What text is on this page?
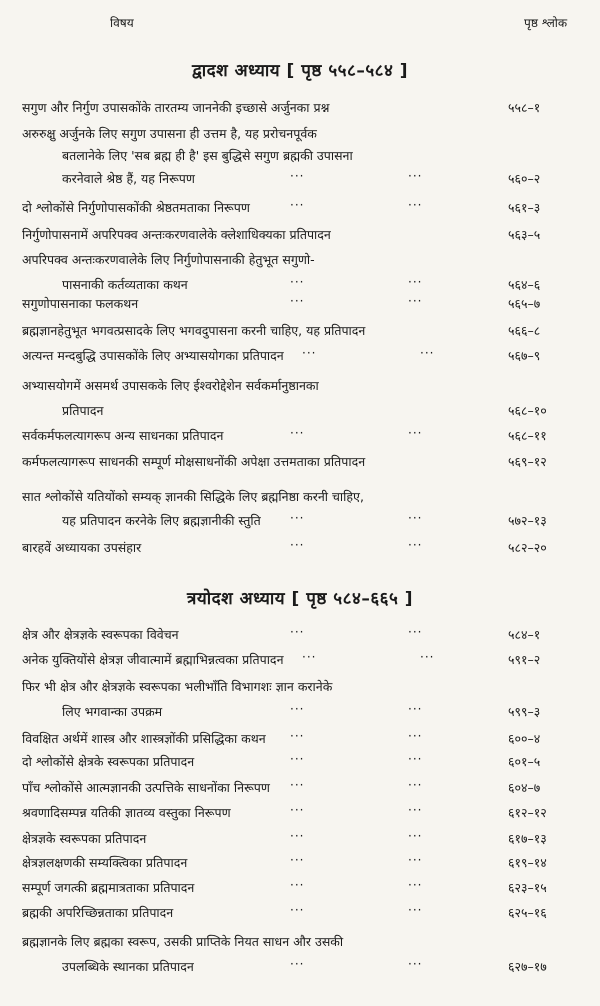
विषय	पृष्ठ श्लोक
द्वादश अध्याय [ पृष्ठ ५५८–५८४ ]
सगुण और निर्गुण उपासकोंके तारतम्य जाननेकी इच्छासे अर्जुनका प्रश्न	५५८–१
अरुरुक्षु अर्जुनके लिए सगुण उपासना ही उत्तम है, यह प्ररोचनपूर्वक
बतलानेके लिए 'सब ब्रह्म ही है' इस बुद्धिसे सगुण ब्रह्मकी उपासना
करनेवाले श्रेष्ठ हैं, यह निरूपण	···	···	५६०–२
दो श्लोकोंसे निर्गुणोपासकोंकी श्रेष्ठतमताका निरूपण	···	···	५६१–३
निर्गुणोपासनामें अपरिपक्व अन्तःकरणवालेके क्लेशाधिक्यका प्रतिपादन	५६३–५
अपरिपक्व अन्तःकरणवालेके लिए निर्गुणोपासनाकी हेतुभूत सगुणो-
पासनाकी कर्तव्यताका कथन	···	···	५६४–६
सगुणोपासनाका फलकथन	···	···	५६५–७
ब्रह्मज्ञानहेतुभूत भगवत्प्रसादके लिए भगवदुपासना करनी चाहिए, यह प्रतिपादन	५६६–८
अत्यन्त मन्दबुद्धि उपासकोंके लिए अभ्यासयोगका प्रतिपादन ···	···	५६७–९
अभ्यासयोगमें असमर्थ उपासकके लिए ईश्वरोद्देशेन सर्वकर्मानुष्ठानका
प्रतिपादन	५६८–१०
सर्वकर्मफलत्यागरूप अन्य साधनका प्रतिपादन	···	···	५६८–११
कर्मफलत्यागरूप साधनकी सम्पूर्ण मोक्षसाधनोंकी अपेक्षा उत्तमताका प्रतिपादन	५६९–१२
सात श्लोकोंसे यतियोंको सम्यक् ज्ञानकी सिद्धिके लिए ब्रह्मनिष्ठा करनी चाहिए,
यह प्रतिपादन करनेके लिए ब्रह्मज्ञानीकी स्तुति ···	···	५७२–१३
बारहवें अध्यायका उपसंहार	···	···	५८२–२०
त्रयोदश अध्याय [ पृष्ठ ५८४–६६५ ]
क्षेत्र और क्षेत्रज्ञके स्वरूपका विवेचन	···	···	५८४–१
अनेक युक्तियोंसे क्षेत्रज्ञ जीवात्मामें ब्रह्माभिन्नत्वका प्रतिपादन ···	···	५९१–२
फिर भी क्षेत्र और क्षेत्रज्ञके स्वरूपका भलीभाँति विभागशः ज्ञान करानेके
लिए भगवान्का उपक्रम	···	···	५९९–३
विवक्षित अर्थमें शास्त्र और शास्त्रज्ञोंकी प्रसिद्धिका कथन ···	···	६००–४
दो श्लोकोंसे क्षेत्रके स्वरूपका प्रतिपादन	···	···	६०१–५
पाँच श्लोकोंसे आत्मज्ञानकी उत्पत्तिके साधनोंका निरूपण ···	···	६०४–७
श्रवणादिसम्पन्न यतिकी ज्ञातव्य वस्तुका निरूपण	···	···	६१२–१२
क्षेत्रज्ञके स्वरूपका प्रतिपादन	···	···	६१७–१३
क्षेत्रज्ञलक्षणकी सम्यक्त्विका प्रतिपादन	···	···	६१९–१४
सम्पूर्ण जगत्की ब्रह्ममात्रताका प्रतिपादन	···	···	६२३–१५
ब्रह्मकी अपरिच्छिन्नताका प्रतिपादन	···	···	६२५–१६
ब्रह्मज्ञानके लिए ब्रह्मका स्वरूप, उसकी प्राप्तिके नियत साधन और उसकी
उपलब्धिके स्थानका प्रतिपादन	···	···	६२७–१७
